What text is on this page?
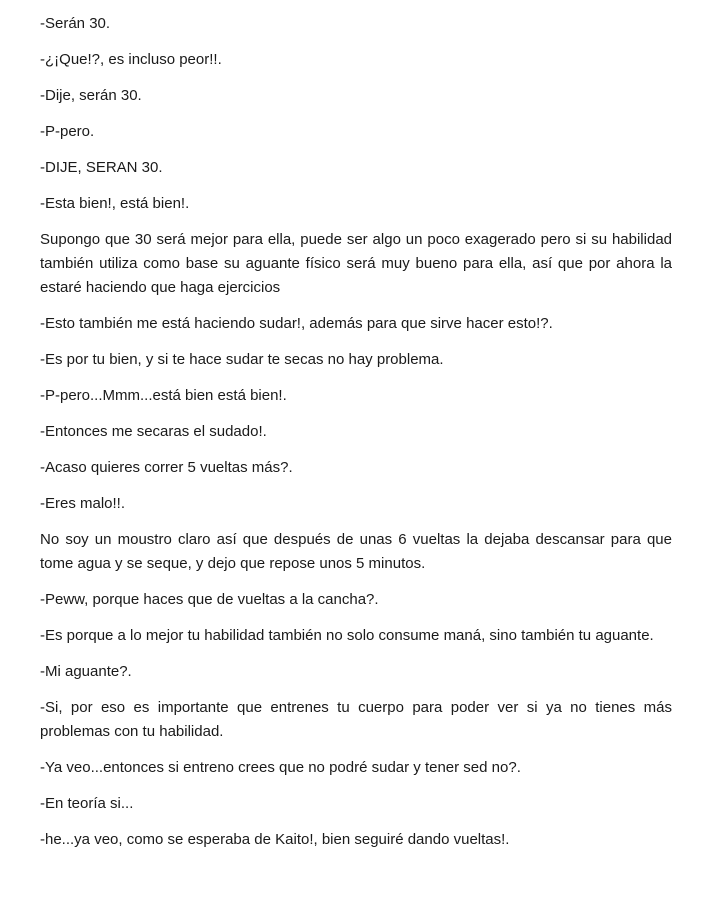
-Serán 30.

-¿¡Que!?, es incluso peor!!.

-Dije, serán 30.

-P-pero.

-DIJE, SERAN 30.

-Esta bien!, está bien!.

Supongo que 30 será mejor para ella, puede ser algo un poco exagerado pero si su habilidad también utiliza como base su aguante físico será muy bueno para ella, así que por ahora la estaré haciendo que haga ejercicios

-Esto también me está haciendo sudar!, además para que sirve hacer esto!?.

-Es por tu bien, y si te hace sudar te secas no hay problema.

-P-pero...Mmm...está bien está bien!.

-Entonces me secaras el sudado!.

-Acaso quieres correr 5 vueltas más?.

-Eres malo!!.

No soy un moustro claro así que después de unas 6 vueltas la dejaba descansar para que tome agua y se seque, y dejo que repose unos 5 minutos.

-Peww, porque haces que de vueltas a la cancha?.

-Es porque a lo mejor tu habilidad también no solo consume maná, sino también tu aguante.

-Mi aguante?.

-Si, por eso es importante que entrenes tu cuerpo para poder ver si ya no tienes más problemas con tu habilidad.

-Ya veo...entonces si entreno crees que no podré sudar y tener sed no?.

-En teoría si...

-he...ya veo, como se esperaba de Kaito!, bien seguiré dando vueltas!.
